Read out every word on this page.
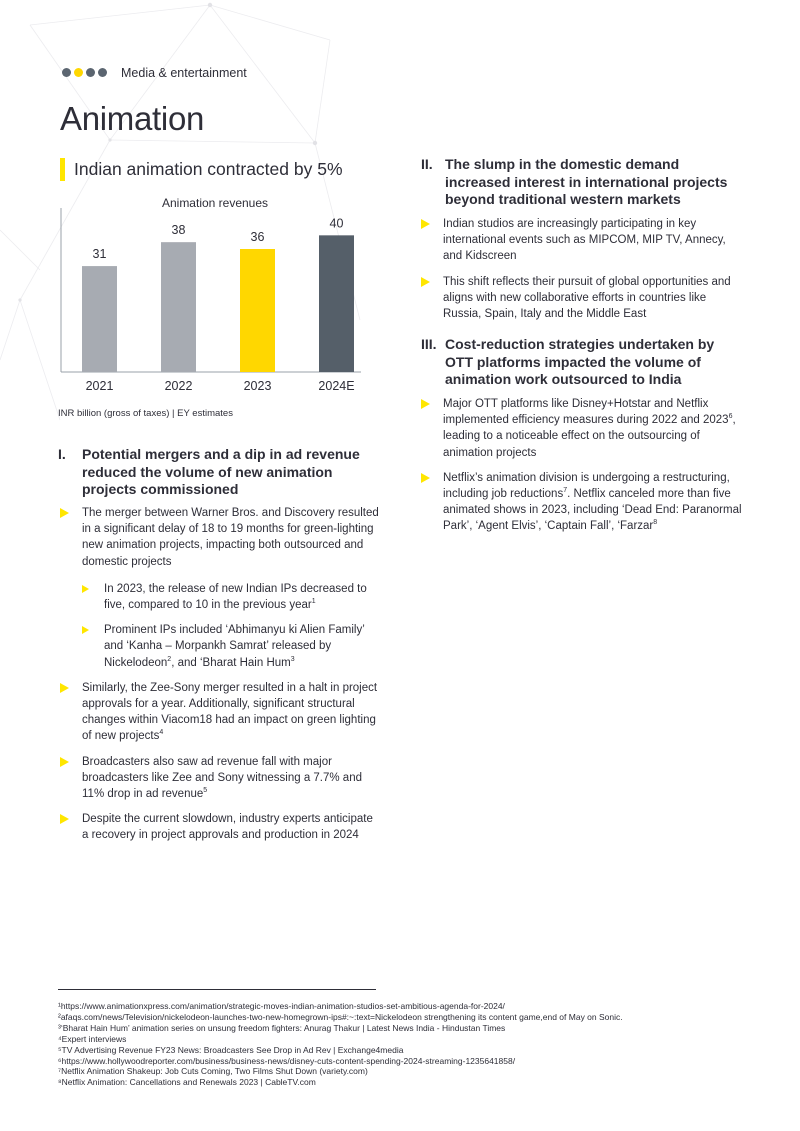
Media & entertainment
Animation
Indian animation contracted by 5%
Animation revenues
31
2021
38
2022
36
2023
40
2024E
INR billion (gross of taxes) | EY estimates
I. Potential mergers and a dip in ad revenue reduced the volume of new animation projects commissioned
The merger between Warner Bros. and Discovery resulted in a significant delay of 18 to 19 months for green-lighting new animation projects, impacting both outsourced and domestic projects
In 2023, the release of new Indian IPs decreased to five, compared to 10 in the previous year$^1$
Prominent IPs included ‘Abhimanyu ki Alien Family’ and ‘Kanha – Morpankh Samrat’ released by Nickelodeon$^2$, and ‘Bharat Hain Hum$^3$
Similarly, the Zee-Sony merger resulted in a halt in project approvals for a year. Additionally, significant structural changes within Viacom18 had an impact on green lighting of new projects$^4$
Broadcasters also saw ad revenue fall with major broadcasters like Zee and Sony witnessing a 7.7% and 11% drop in ad revenue$^5$
Despite the current slowdown, industry experts anticipate a recovery in project approvals and production in 2024
II. The slump in the domestic demand increased interest in international projects beyond traditional western markets
Indian studios are increasingly participating in key international events such as MIPCOM, MIP TV, Annecy, and Kidscreen
This shift reflects their pursuit of global opportunities and aligns with new collaborative efforts in countries like Russia, Spain, Italy and the Middle East
III. Cost-reduction strategies undertaken by OTT platforms impacted the volume of animation work outsourced to India
Major OTT platforms like Disney+Hotstar and Netflix implemented efficiency measures during 2022 and 2023$^6$, leading to a noticeable effect on the outsourcing of animation projects
Netflix’s animation division is undergoing a restructuring, including job reductions$^7$. Netflix canceled more than five animated shows in 2023, including ‘Dead End: Paranormal Park’, ‘Agent Elvis’, ‘Captain Fall’, ‘Farzar$^8$
¹https://www.animationxpress.com/animation/strategic-moves-indian-animation-studios-set-ambitious-agenda-for-2024/
²afaqs.com/news/Television/nickelodeon-launches-two-new-homegrown-ips#:~:text=Nickelodeon strengthening its content game,end of May on Sonic.
³‘Bharat Hain Hum’ animation series on unsung freedom fighters: Anurag Thakur | Latest News India - Hindustan Times
⁴Expert interviews
⁵TV Advertising Revenue FY23 News: Broadcasters See Drop in Ad Rev | Exchange4media
⁶https://www.hollywoodreporter.com/business/business-news/disney-cuts-content-spending-2024-streaming-1235641858/
⁷Netflix Animation Shakeup: Job Cuts Coming, Two Films Shut Down (variety.com)
⁸Netflix Animation: Cancellations and Renewals 2023 | CableTV.com
